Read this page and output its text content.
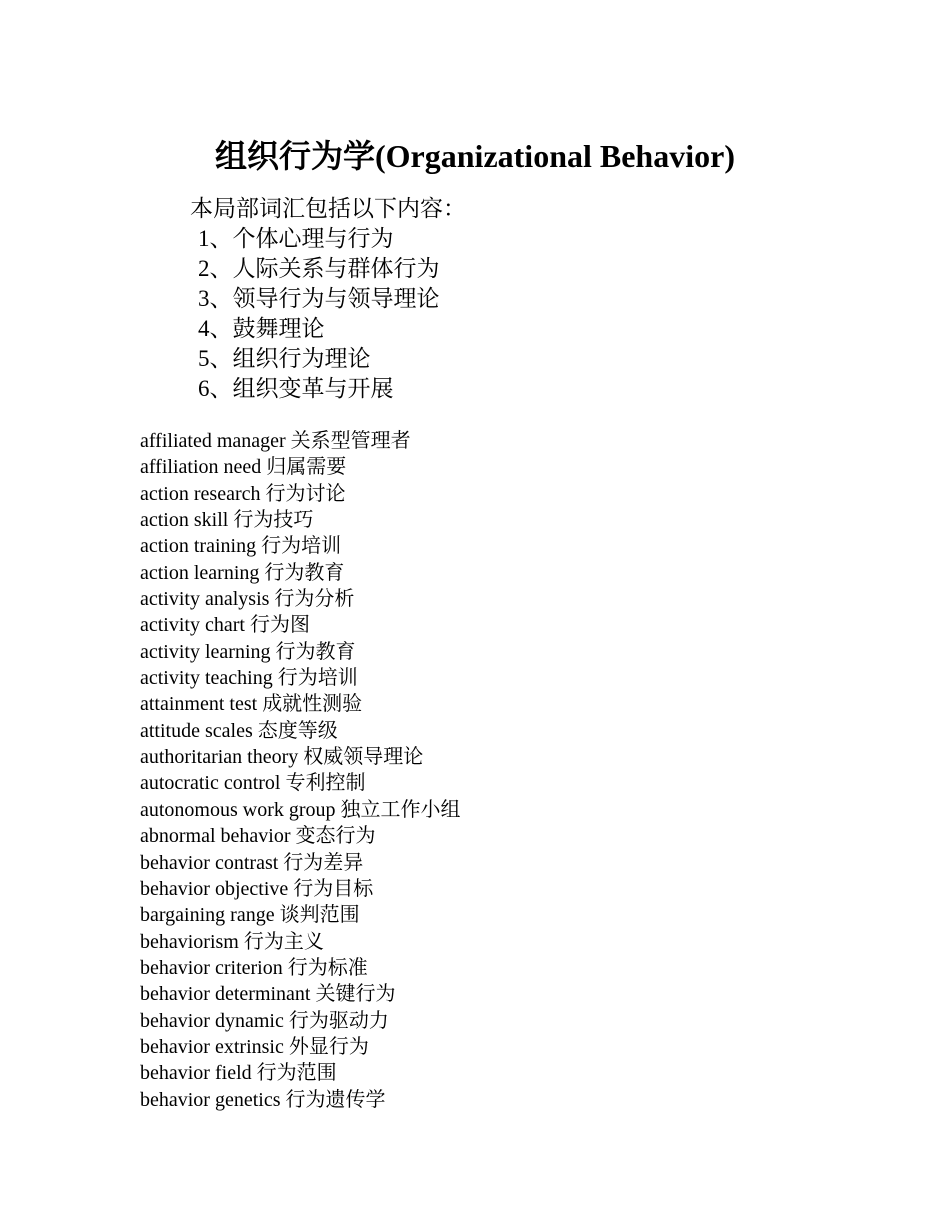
组织行为学(Organizational Behavior)

本局部词汇包括以下内容：

1、个体心理与行为
2、人际关系与群体行为
3、领导行为与领导理论
4、鼓舞理论
5、组织行为理论
6、组织变革与开展
affiliated manager 关系型管理者
affiliation need 归属需要
action research 行为讨论
action skill 行为技巧
action training 行为培训
action learning 行为教育
activity analysis 行为分析
activity chart 行为图
activity learning 行为教育
activity teaching 行为培训
attainment test 成就性测验
attitude scales 态度等级
authoritarian theory 权威领导理论
autocratic control 专利控制
autonomous work group 独立工作小组
abnormal behavior 变态行为
behavior contrast 行为差异
behavior objective 行为目标
bargaining range 谈判范围
behaviorism 行为主义
behavior criterion 行为标准
behavior determinant 关键行为
behavior dynamic 行为驱动力
behavior extrinsic 外显行为
behavior field 行为范围
behavior genetics 行为遗传学
